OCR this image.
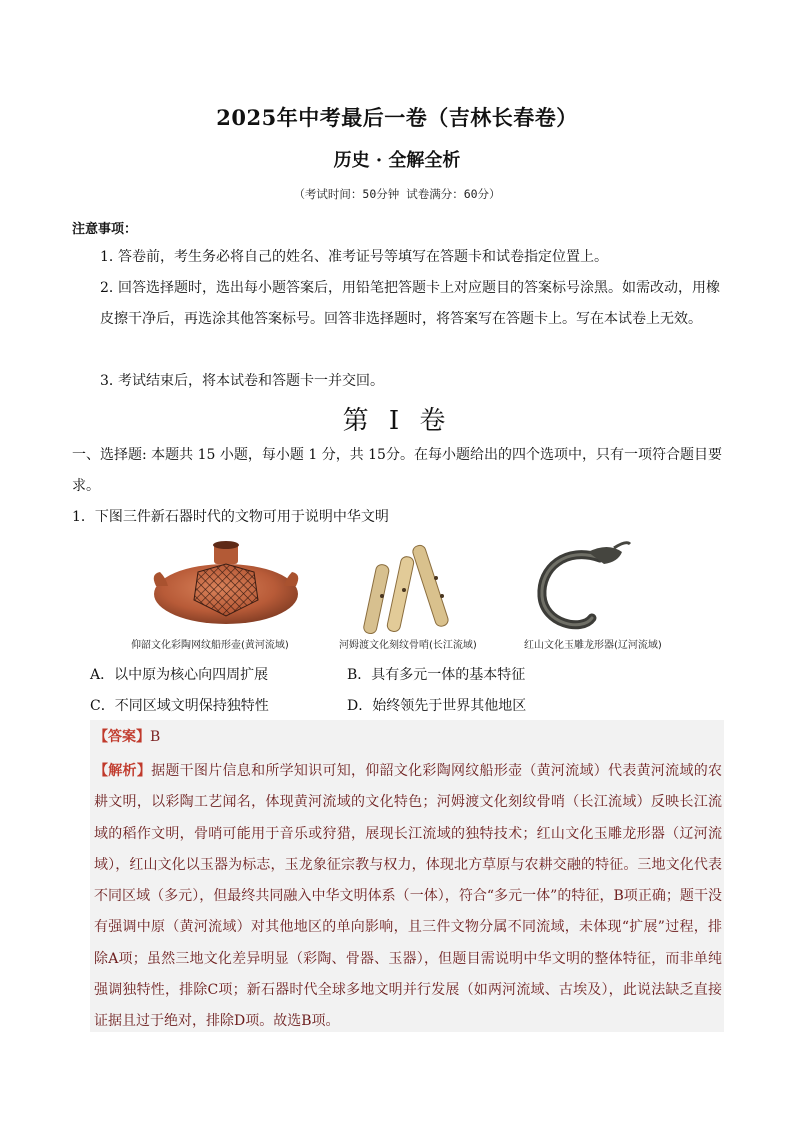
2025年中考最后一卷（吉林长春卷）
历史 · 全解全析
（考试时间：50分钟 试卷满分：60分）
注意事项：
1．答卷前，考生务必将自己的姓名、准考证号等填写在答题卡和试卷指定位置上。
2．回答选择题时，选出每小题答案后，用铅笔把答题卡上对应题目的答案标号涂黑。如需改动，用橡皮擦干净后，再选涂其他答案标号。回答非选择题时，将答案写在答题卡上。写在本试卷上无效。
3．考试结束后，将本试卷和答题卡一并交回。
第 I 卷
一、选择题: 本题共 15 小题，每小题 1 分，共 15分。在每小题给出的四个选项中，只有一项符合题目要求。
1．下图三件新石器时代的文物可用于说明中华文明
仰韶文化彩陶网纹船形壶(黄河流域)	河姆渡文化刻纹骨哨(长江流域)	红山文化玉雕龙形器(辽河流域)
A．以中原为核心向四周扩展	B．具有多元一体的基本特征
C．不同区域文明保持独特性	D．始终领先于世界其他地区
【答案】B
【解析】据题干图片信息和所学知识可知，仰韶文化彩陶网纹船形壶（黄河流域）代表黄河流域的农耕文明，以彩陶工艺闻名，体现黄河流域的文化特色；河姆渡文化刻纹骨哨（长江流域）反映长江流域的稻作文明，骨哨可能用于音乐或狩猎，展现长江流域的独特技术；红山文化玉雕龙形器（辽河流域），红山文化以玉器为标志，玉龙象征宗教与权力，体现北方草原与农耕交融的特征。三地文化代表不同区域（多元），但最终共同融入中华文明体系（一体），符合“多元一体”的特征，B项正确；题干没有强调中原（黄河流域）对其他地区的单向影响，且三件文物分属不同流域，未体现“扩展”过程，排除A项；虽然三地文化差异明显（彩陶、骨器、玉器），但题目需说明中华文明的整体特征，而非单纯强调独特性，排除C项；新石器时代全球多地文明并行发展（如两河流域、古埃及），此说法缺乏直接证据且过于绝对，排除D项。故选B项。
